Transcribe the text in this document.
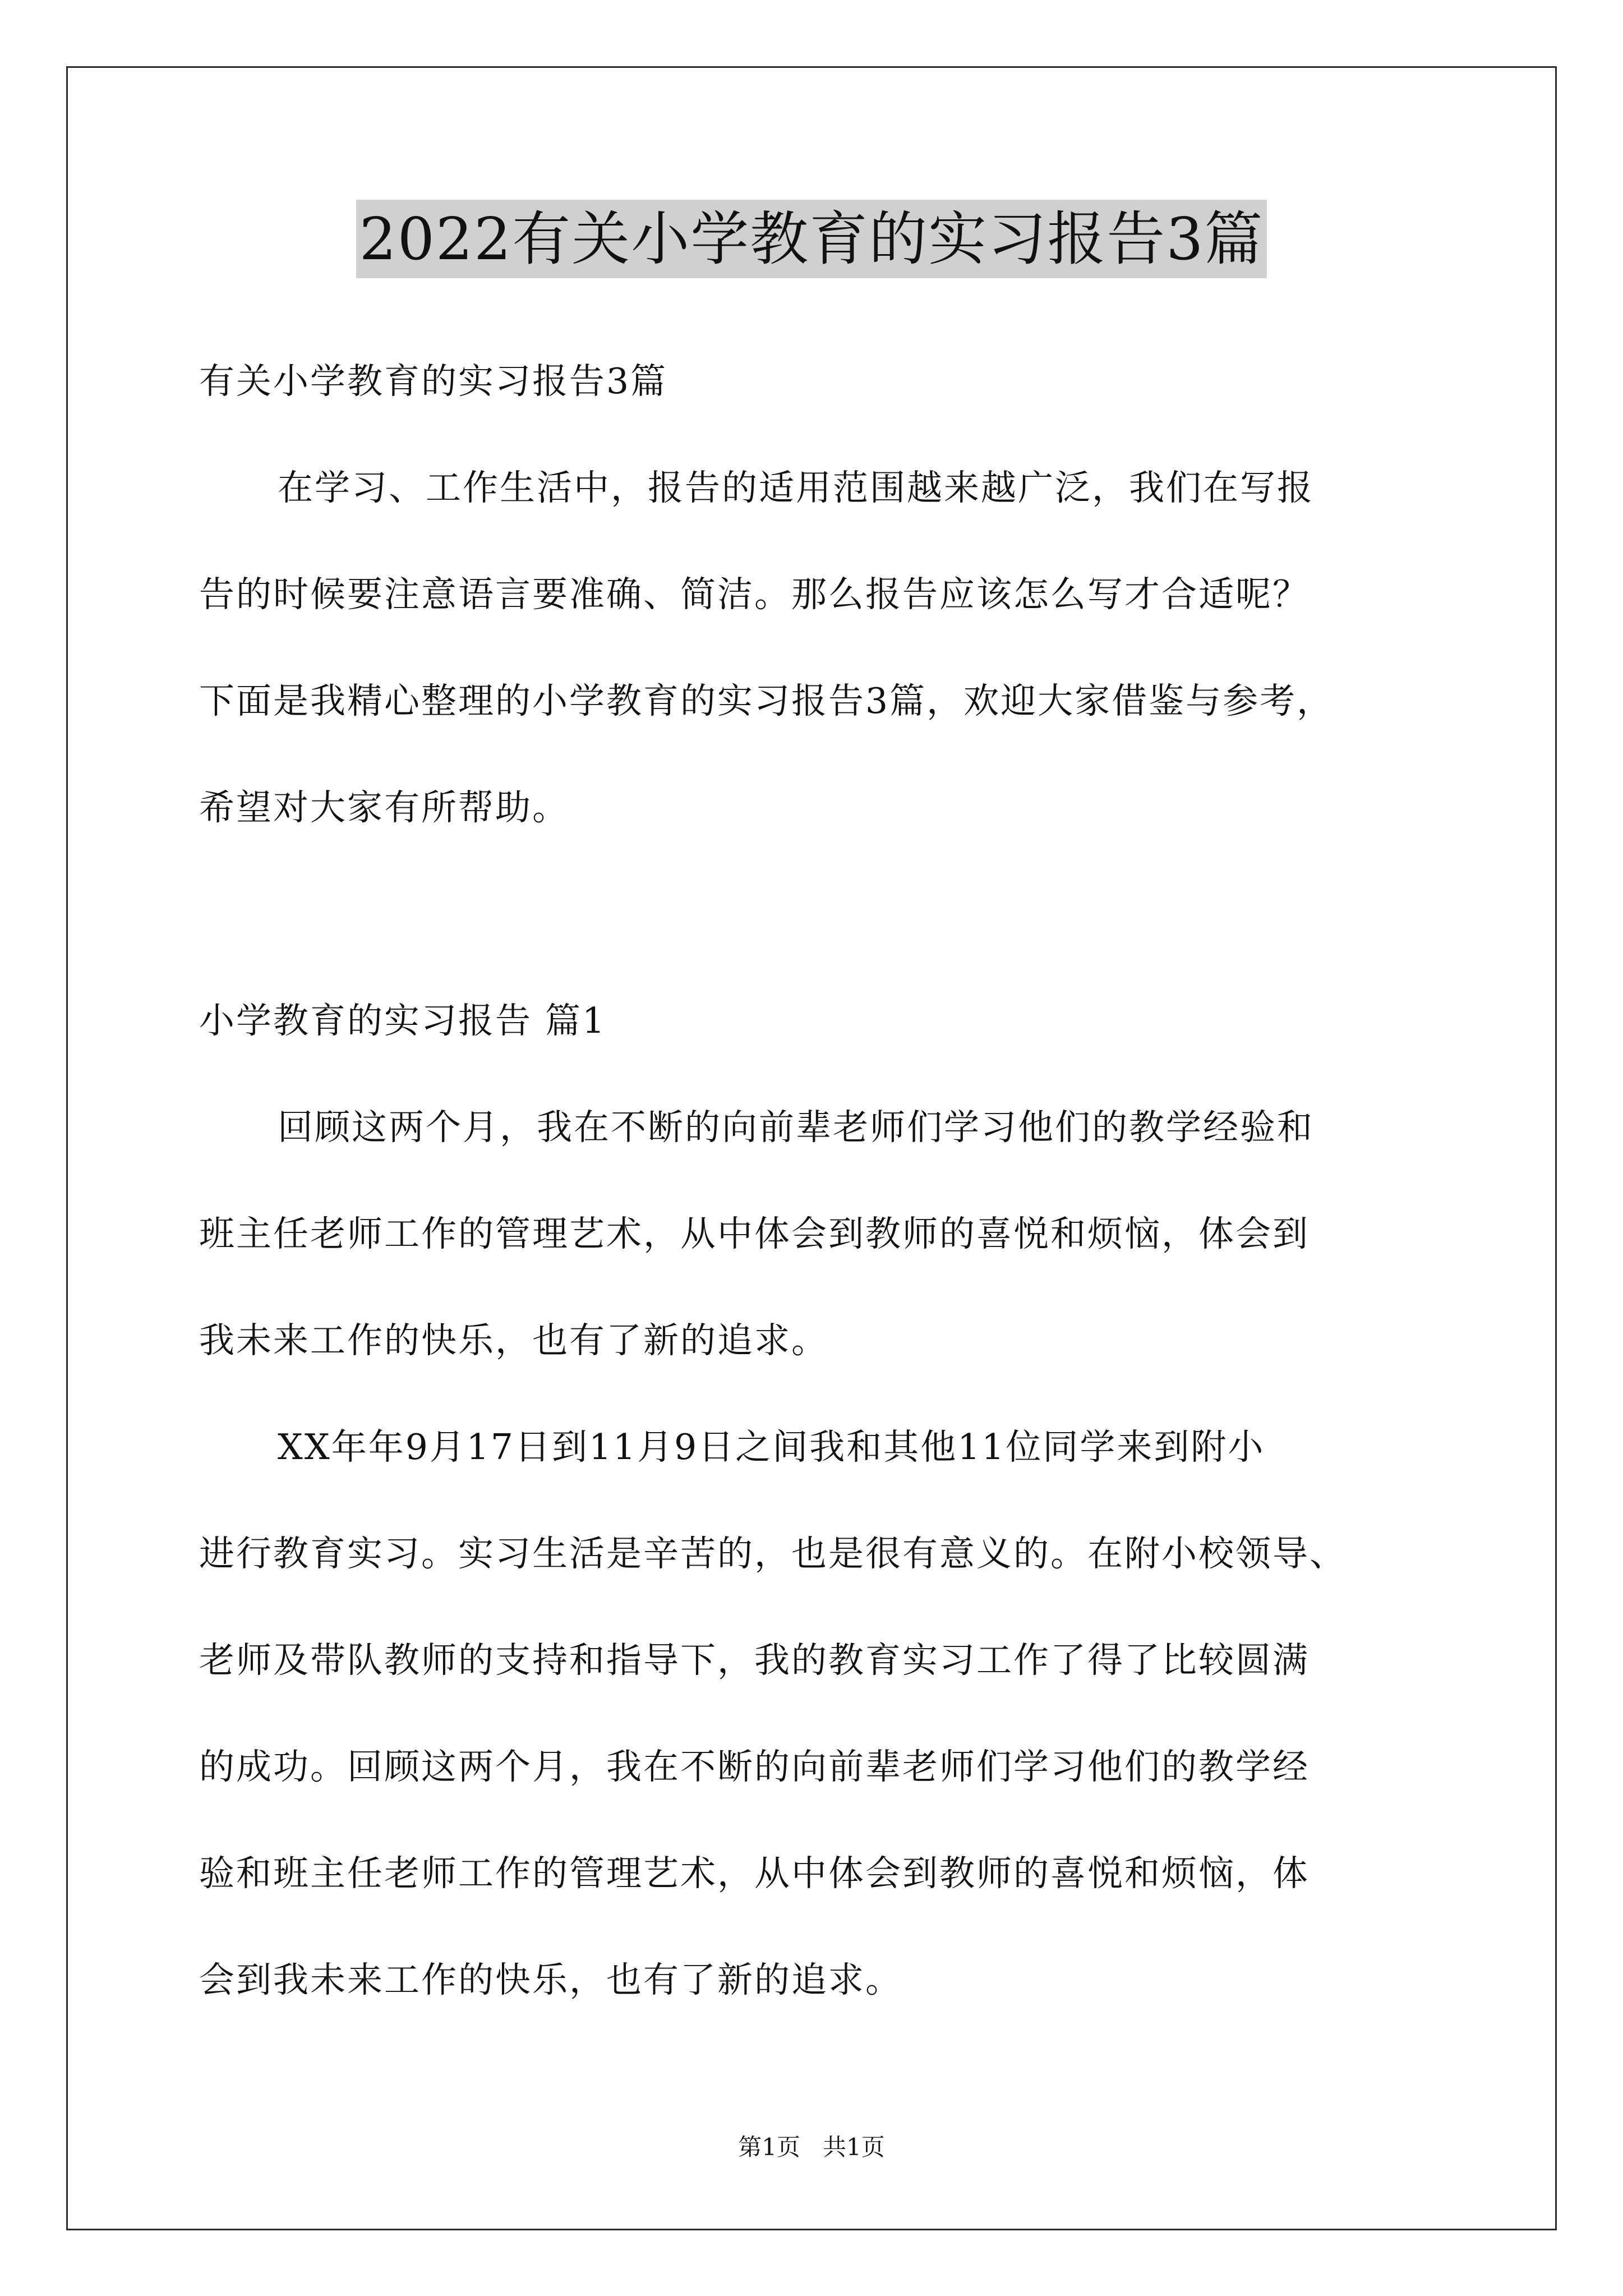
2022有关小学教育的实习报告3篇
有关小学教育的实习报告3篇
在学习、工作生活中，报告的适用范围越来越广泛，我们在写报
告的时候要注意语言要准确、简洁。那么报告应该怎么写才合适呢？
下面是我精心整理的小学教育的实习报告3篇，欢迎大家借鉴与参考，
希望对大家有所帮助。
小学教育的实习报告 篇1
回顾这两个月，我在不断的向前辈老师们学习他们的教学经验和
班主任老师工作的管理艺术，从中体会到教师的喜悦和烦恼，体会到
我未来工作的快乐，也有了新的追求。
XX年年9月17日到11月9日之间我和其他11位同学来到附小
进行教育实习。实习生活是辛苦的，也是很有意义的。在附小校领导、
老师及带队教师的支持和指导下，我的教育实习工作了得了比较圆满
的成功。回顾这两个月，我在不断的向前辈老师们学习他们的教学经
验和班主任老师工作的管理艺术，从中体会到教师的喜悦和烦恼，体
会到我未来工作的快乐，也有了新的追求。
第1页   共1页
